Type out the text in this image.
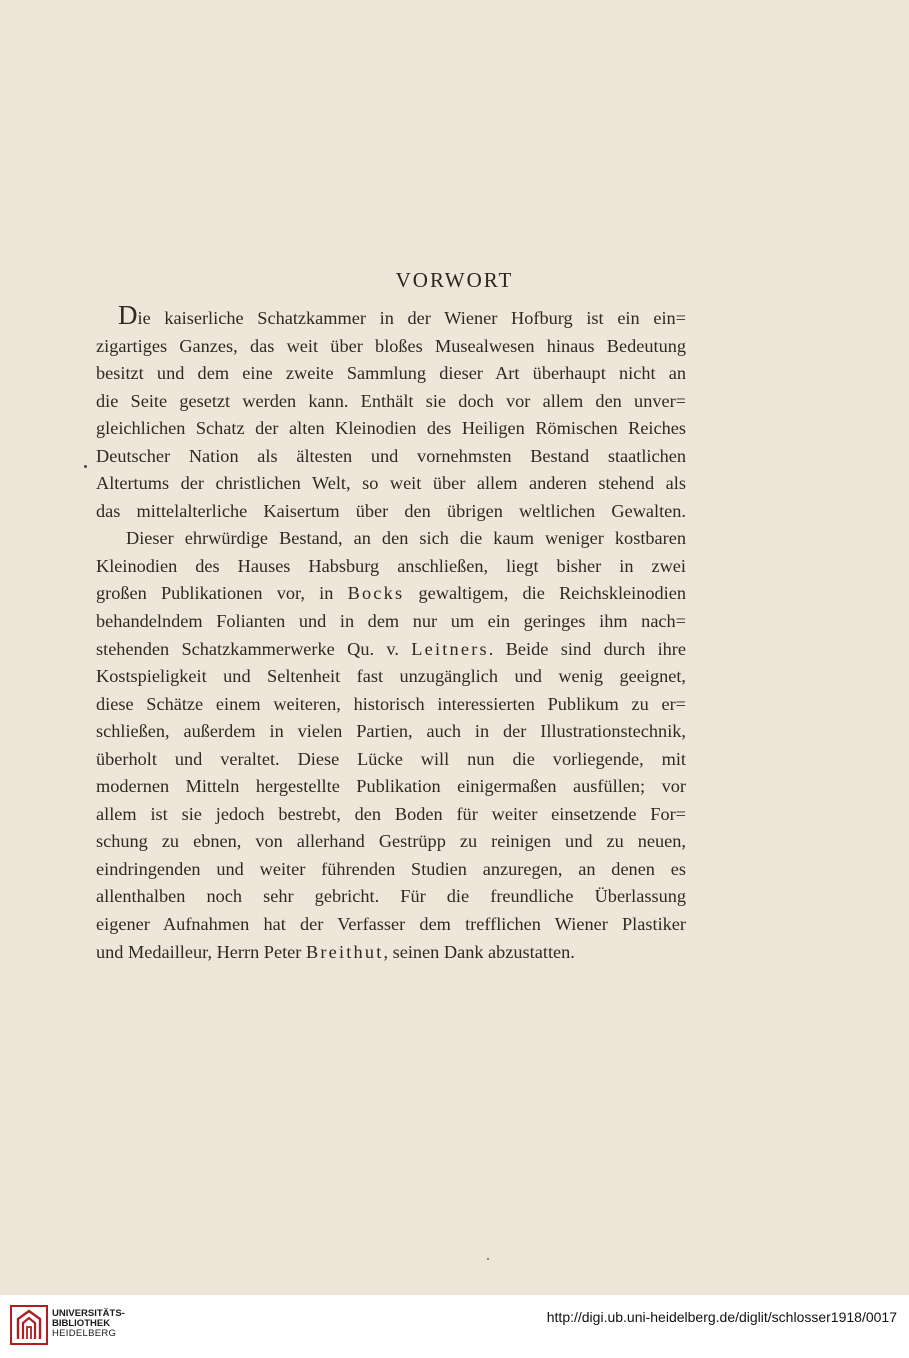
VORWORT
Die kaiserliche Schatzkammer in der Wiener Hofburg ist ein ein=
zigartiges Ganzes, das weit über bloßes Musealwesen hinaus Bedeutung
besitzt und dem eine zweite Sammlung dieser Art überhaupt nicht an
die Seite gesetzt werden kann. Enthält sie doch vor allem den unver=
gleichlichen Schatz der alten Kleinodien des Heiligen Römischen Reiches
Deutscher Nation als ältesten und vornehmsten Bestand staatlichen
Altertums der christlichen Welt, so weit über allem anderen stehend als
das mittelalterliche Kaisertum über den übrigen weltlichen Gewalten.
Dieser ehrwürdige Bestand, an den sich die kaum weniger kostbaren
Kleinodien des Hauses Habsburg anschließen, liegt bisher in zwei
großen Publikationen vor, in Bocks gewaltigem, die Reichskleinodien
behandelndem Folianten und in dem nur um ein geringes ihm nach=
stehenden Schatzkammerwerke Qu. v. Leitners. Beide sind durch ihre
Kostspieligkeit und Seltenheit fast unzugänglich und wenig geeignet,
diese Schätze einem weiteren, historisch interessierten Publikum zu er=
schließen, außerdem in vielen Partien, auch in der Illustrationstechnik,
überholt und veraltet. Diese Lücke will nun die vorliegende, mit
modernen Mitteln hergestellte Publikation einigermaßen ausfüllen; vor
allem ist sie jedoch bestrebt, den Boden für weiter einsetzende For=
schung zu ebnen, von allerhand Gestrüpp zu reinigen und zu neuen,
eindringenden und weiter führenden Studien anzuregen, an denen es
allenthalben noch sehr gebricht. Für die freundliche Überlassung
eigener Aufnahmen hat der Verfasser dem trefflichen Wiener Plastiker
und Medailleur, Herrn Peter Breithut, seinen Dank abzustatten.
UNIVERSITÄTS-
BIBLIOTHEK
HEIDELBERG
http://digi.ub.uni-heidelberg.de/diglit/schlosser1918/0017
